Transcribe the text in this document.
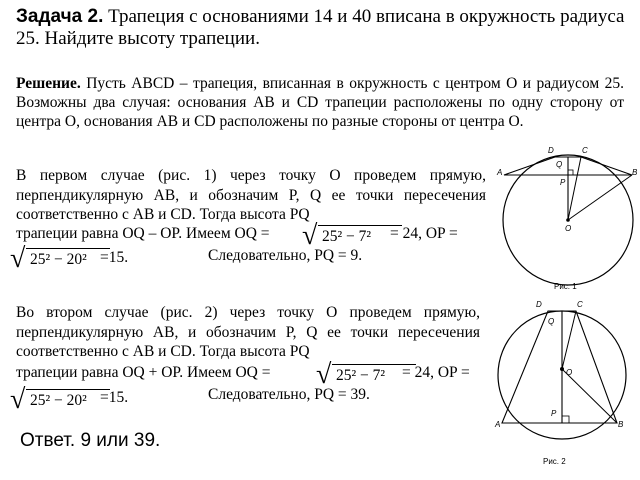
Задача 2. Трапеция с основаниями 14 и 40 вписана в окружность радиуса 25. Найдите высоту трапеции.
Решение. Пусть ABCD – трапеция, вписанная в окружность с центром O и радиусом 25. Возможны два случая: основания AB и CD трапеции расположены по одну сторону от центра O, основания AB и CD расположены по разные стороны от центра O.
В первом случае (рис. 1) через точку O проведем прямую, перпендикулярную AB, и обозначим P, Q ее точки пересечения соответственно с AB и CD. Тогда высота PQ
трапеции равна OQ – OP. Имеем OQ = √ 25² − 7² = 24, OP =
√ 25² − 20² =15.	Следовательно, PQ = 9.
Во втором случае (рис. 2) через точку O проведем прямую, перпендикулярную AB, и обозначим P, Q ее точки пересечения соответственно с AB и CD. Тогда высота PQ
трапеции равна OQ + OP. Имеем OQ = √ 25² − 7² = 24, OP =
√ 25² − 20² =15.	Следовательно, PQ = 39.
Ответ. 9 или 39.
D	C
A	B
Q
P
O
Рис. 1
D	C
Q
O
P
A	B
Рис. 2
